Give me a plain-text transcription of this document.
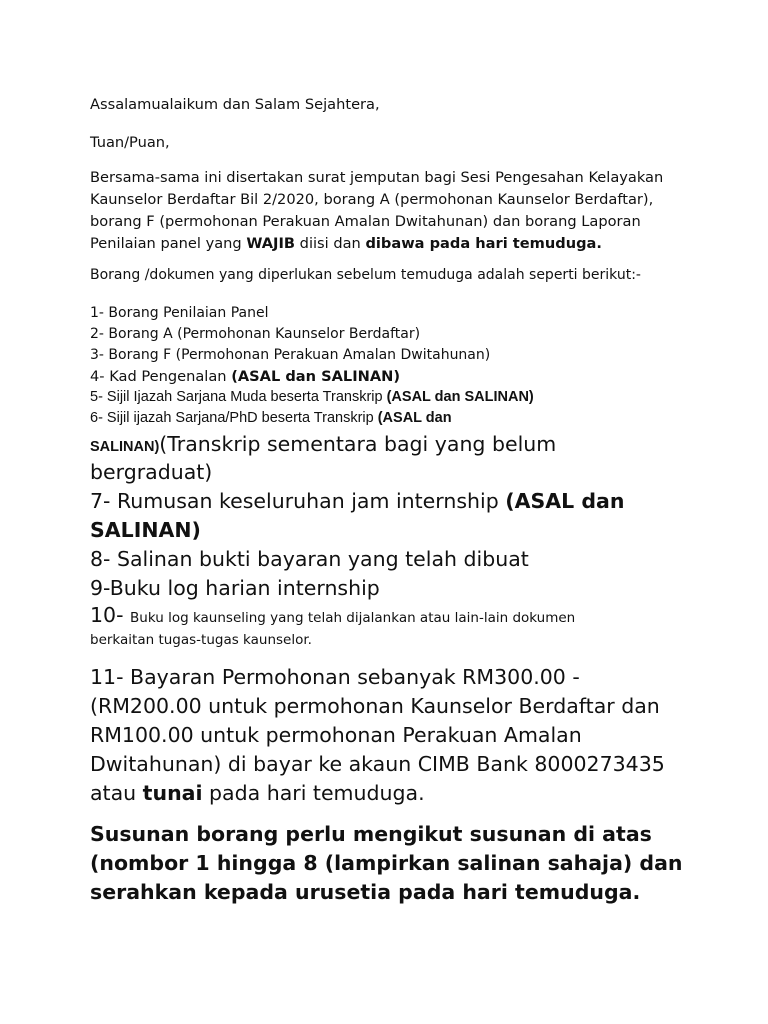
Assalamualaikum dan Salam Sejahtera,

Tuan/Puan,

Bersama-sama ini disertakan surat jemputan bagi Sesi Pengesahan Kelayakan
Kaunselor Berdaftar Bil 2/2020, borang A (permohonan Kaunselor Berdaftar),
borang F (permohonan Perakuan Amalan Dwitahunan) dan borang Laporan
Penilaian panel yang WAJIB diisi dan dibawa pada hari temuduga.

Borang /dokumen yang diperlukan sebelum temuduga adalah seperti berikut:-

1- Borang Penilaian Panel
2- Borang A (Permohonan Kaunselor Berdaftar)
3- Borang F (Permohonan Perakuan Amalan Dwitahunan)
4- Kad Pengenalan (ASAL dan SALINAN)
5- Sijil Ijazah Sarjana Muda beserta Transkrip (ASAL dan SALINAN)
6- Sijil ijazah Sarjana/PhD beserta Transkrip (ASAL dan
SALINAN)(Transkrip sementara bagi yang belum
bergraduat)
7- Rumusan keseluruhan jam internship (ASAL dan
SALINAN)
8- Salinan bukti bayaran yang telah dibuat
9-Buku log harian internship
10- Buku log kaunseling yang telah dijalankan atau lain-lain dokumen
berkaitan tugas-tugas kaunselor.
11- Bayaran Permohonan sebanyak RM300.00 -
(RM200.00 untuk permohonan Kaunselor Berdaftar dan
RM100.00 untuk permohonan Perakuan Amalan
Dwitahunan) di bayar ke akaun CIMB Bank 8000273435
atau tunai pada hari temuduga.
Susunan borang perlu mengikut susunan di atas
(nombor 1 hingga 8 (lampirkan salinan sahaja) dan
serahkan kepada urusetia pada hari temuduga.
